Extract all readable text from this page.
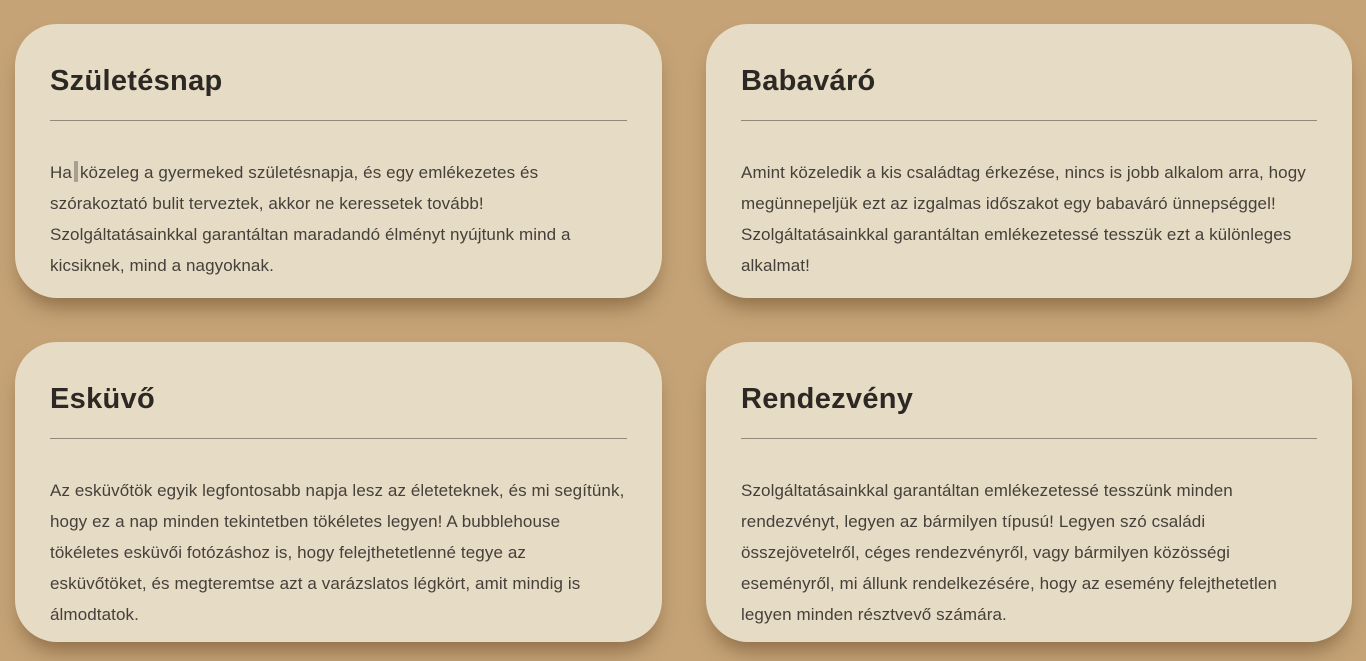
Születésnap

Ha közeleg a gyermeked születésnapja, és egy emlékezetes és szórakoztató bulit terveztek, akkor ne keressetek tovább! Szolgáltatásainkkal garantáltan maradandó élményt nyújtunk mind a kicsiknek, mind a nagyoknak.

Babaváró

Amint közeledik a kis családtag érkezése, nincs is jobb alkalom arra, hogy megünnepeljük ezt az izgalmas időszakot egy babaváró ünnepséggel! Szolgáltatásainkkal garantáltan emlékezetessé tesszük ezt a különleges alkalmat!

Esküvő

Az esküvőtök egyik legfontosabb napja lesz az életeteknek, és mi segítünk, hogy ez a nap minden tekintetben tökéletes legyen! A bubblehouse tökéletes esküvői fotózáshoz is, hogy felejthetetlenné tegye az esküvőtöket, és megteremtse azt a varázslatos légkört, amit mindig is álmodtatok.

Rendezvény

Szolgáltatásainkkal garantáltan emlékezetessé tesszünk minden rendezvényt, legyen az bármilyen típusú! Legyen szó családi összejövetelről, céges rendezvényről, vagy bármilyen közösségi eseményről, mi állunk rendelkezésére, hogy az esemény felejthetetlen legyen minden résztvevő számára.
